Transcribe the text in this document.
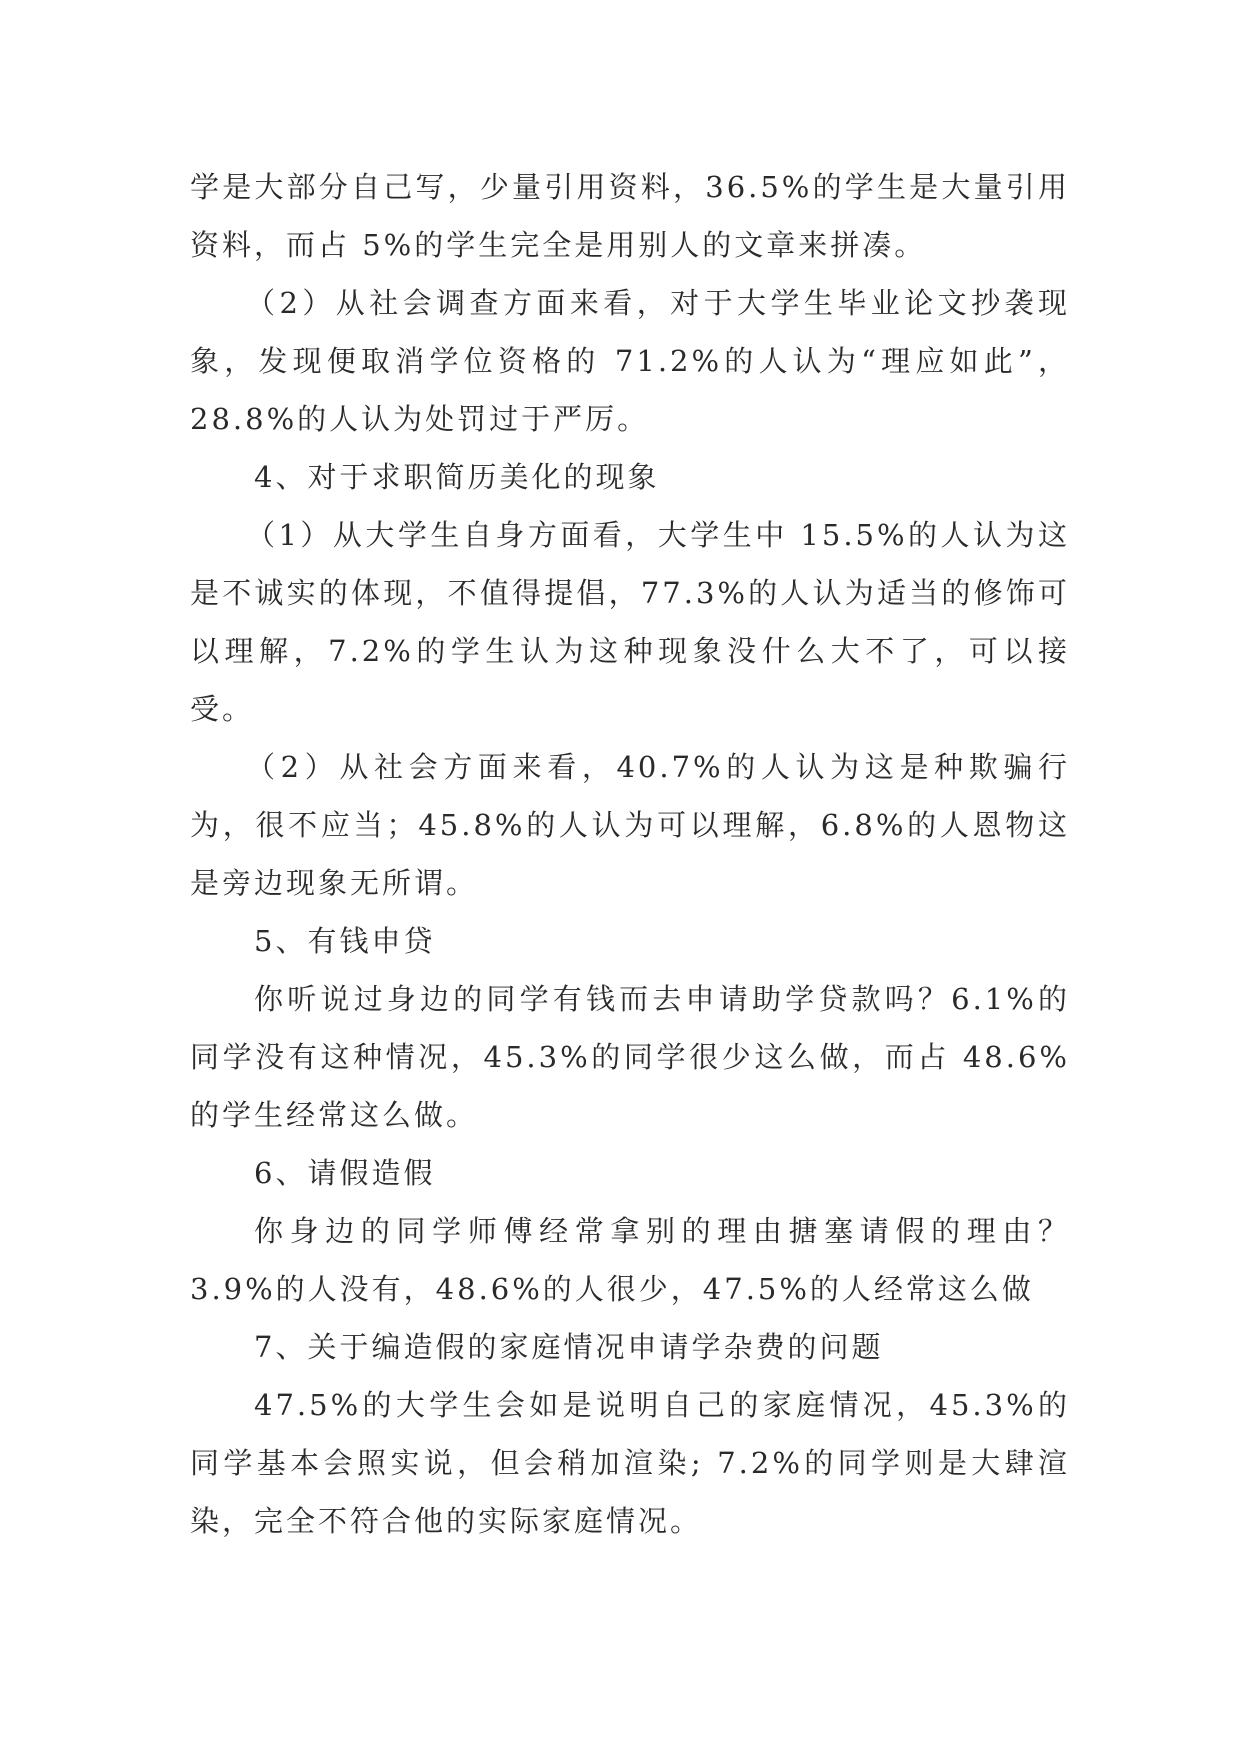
学是大部分自己写，少量引用资料，36.5%的学生是大量引用资料，而占 5%的学生完全是用别人的文章来拼凑。

（2）从社会调查方面来看，对于大学生毕业论文抄袭现象，发现便取消学位资格的 71.2%的人认为“理应如此”，28.8%的人认为处罚过于严厉。

4、对于求职简历美化的现象

（1）从大学生自身方面看，大学生中 15.5%的人认为这是不诚实的体现，不值得提倡，77.3%的人认为适当的修饰可以理解，7.2%的学生认为这种现象没什么大不了，可以接受。

（2）从社会方面来看，40.7%的人认为这是种欺骗行为，很不应当；45.8%的人认为可以理解，6.8%的人恩物这是旁边现象无所谓。

5、有钱申贷

你听说过身边的同学有钱而去申请助学贷款吗？6.1%的同学没有这种情况，45.3%的同学很少这么做，而占 48.6%的学生经常这么做。

6、请假造假

你身边的同学师傅经常拿别的理由搪塞请假的理由？3.9%的人没有，48.6%的人很少，47.5%的人经常这么做

7、关于编造假的家庭情况申请学杂费的问题

47.5%的大学生会如是说明自己的家庭情况，45.3%的同学基本会照实说，但会稍加渲染; 7.2%的同学则是大肆渲染，完全不符合他的实际家庭情况。
